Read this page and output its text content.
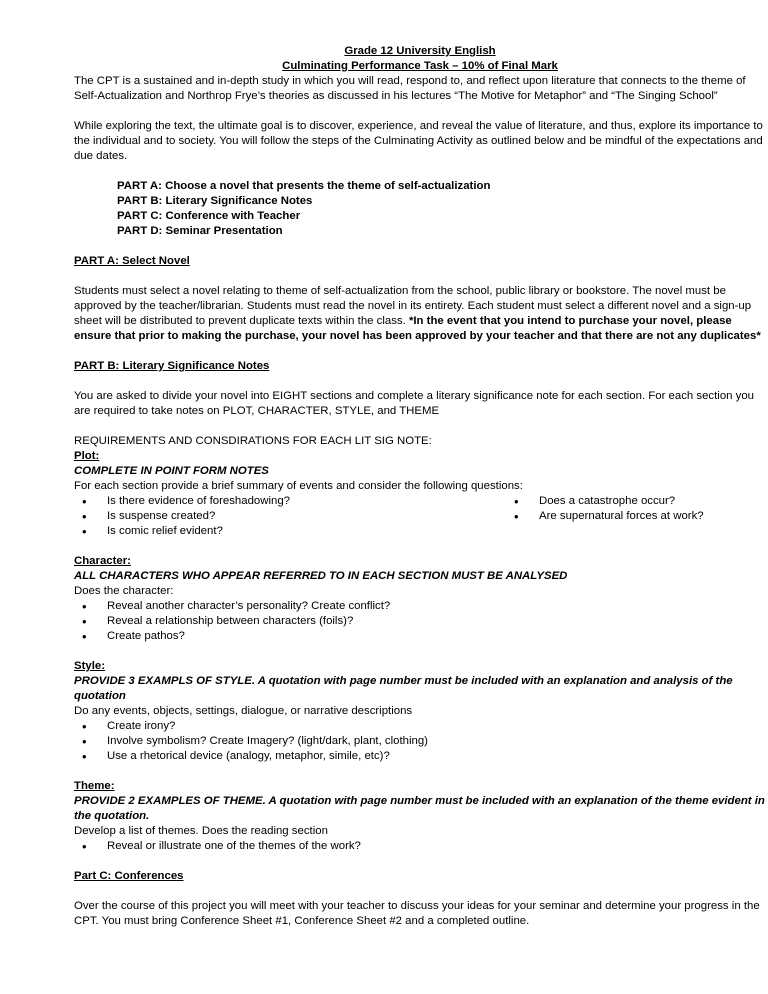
Grade 12 University English

Culminating Performance Task – 10% of Final Mark

The CPT is a sustained and in-depth study in which you will read, respond to, and reflect upon literature that connects to the theme of Self-Actualization and Northrop Frye’s theories as discussed in his lectures “The Motive for Metaphor” and “The Singing School”

While exploring the text, the ultimate goal is to discover, experience, and reveal the value of literature, and thus, explore its importance to the individual and to society. You will follow the steps of the Culminating Activity as outlined below and be mindful of the expectations and due dates.

PART A: Choose a novel that presents the theme of self-actualization

PART B: Literary Significance Notes

PART C: Conference with Teacher

PART D: Seminar Presentation

PART A: Select Novel

Students must select a novel relating to theme of self-actualization from the school, public library or bookstore. The novel must be approved by the teacher/librarian. Students must read the novel in its entirety. Each student must select a different novel and a sign-up sheet will be distributed to prevent duplicate texts within the class. *In the event that you intend to purchase your novel, please ensure that prior to making the purchase, your novel has been approved by your teacher and that there are not any duplicates*

PART B: Literary Significance Notes

You are asked to divide your novel into EIGHT sections and complete a literary significance note for each section. For each section you are required to take notes on PLOT, CHARACTER, STYLE, and THEME

REQUIREMENTS AND CONSDIRATIONS FOR EACH LIT SIG NOTE:

Plot:

COMPLETE IN POINT FORM NOTES

For each section provide a brief summary of events and consider the following questions:

• Is there evidence of foreshadowing?
• Is suspense created?
• Is comic relief evident?
• Does a catastrophe occur?
• Are supernatural forces at work?

Character:

ALL CHARACTERS WHO APPEAR REFERRED TO IN EACH SECTION MUST BE ANALYSED

Does the character:

• Reveal another character’s personality? Create conflict?
• Reveal a relationship between characters (foils)?
• Create pathos?

Style:

PROVIDE 3 EXAMPLS OF STYLE. A quotation with page number must be included with an explanation and analysis of the quotation

Do any events, objects, settings, dialogue, or narrative descriptions

• Create irony?
• Involve symbolism? Create Imagery? (light/dark, plant, clothing)
• Use a rhetorical device (analogy, metaphor, simile, etc)?

Theme:

PROVIDE 2 EXAMPLES OF THEME. A quotation with page number must be included with an explanation of the theme evident in the quotation.

Develop a list of themes. Does the reading section

• Reveal or illustrate one of the themes of the work?

Part C: Conferences

Over the course of this project you will meet with your teacher to discuss your ideas for your seminar and determine your progress in the CPT. You must bring Conference Sheet #1, Conference Sheet #2 and a completed outline.
